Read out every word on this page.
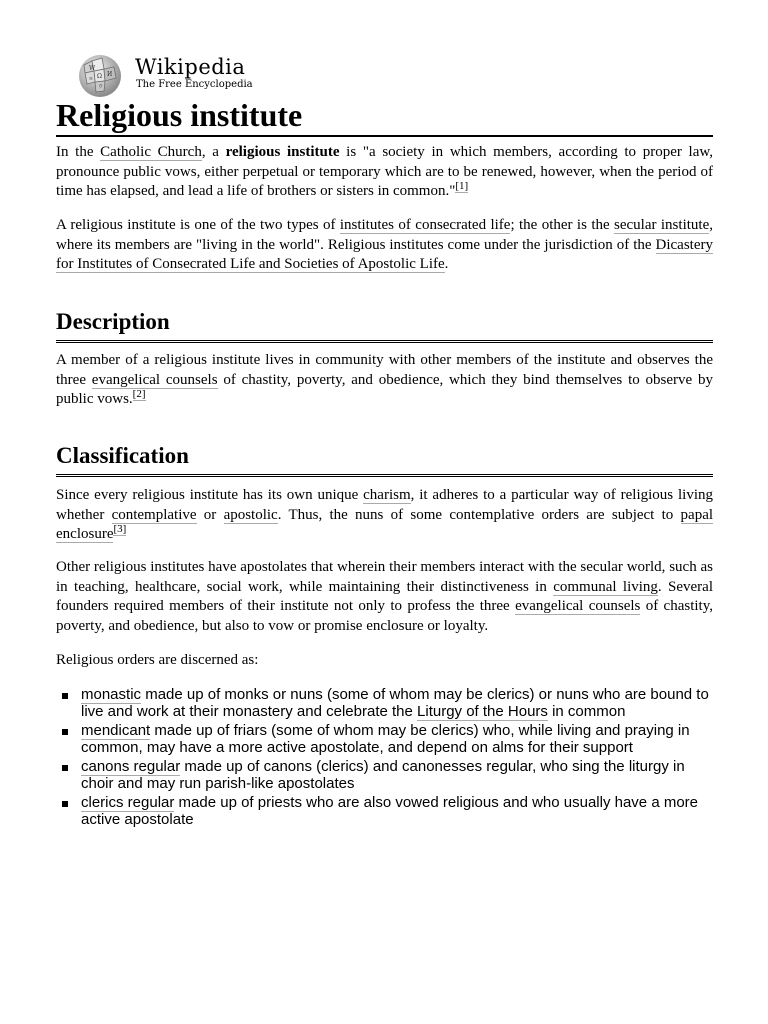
W
Ω И
ঙ
ウ
Wikipedia
The Free Encyclopedia
Religious institute

In the Catholic Church, a religious institute is "a society in which members, according to proper law, pronounce public vows, either perpetual or temporary which are to be renewed, however, when the period of time has elapsed, and lead a life of brothers or sisters in common."[1]

A religious institute is one of the two types of institutes of consecrated life; the other is the secular institute, where its members are "living in the world". Religious institutes come under the jurisdiction of the Dicastery for Institutes of Consecrated Life and Societies of Apostolic Life.

Description

A member of a religious institute lives in community with other members of the institute and observes the three evangelical counsels of chastity, poverty, and obedience, which they bind themselves to observe by public vows.[2]

Classification

Since every religious institute has its own unique charism, it adheres to a particular way of religious living whether contemplative or apostolic. Thus, the nuns of some contemplative orders are subject to papal enclosure[3]

Other religious institutes have apostolates that wherein their members interact with the secular world, such as in teaching, healthcare, social work, while maintaining their distinctiveness in communal living. Several founders required members of their institute not only to profess the three evangelical counsels of chastity, poverty, and obedience, but also to vow or promise enclosure or loyalty.

Religious orders are discerned as:

monastic made up of monks or nuns (some of whom may be clerics) or nuns who are bound to live and work at their monastery and celebrate the Liturgy of the Hours in common
mendicant made up of friars (some of whom may be clerics) who, while living and praying in common, may have a more active apostolate, and depend on alms for their support
canons regular made up of canons (clerics) and canonesses regular, who sing the liturgy in choir and may run parish-like apostolates
clerics regular made up of priests who are also vowed religious and who usually have a more active apostolate
